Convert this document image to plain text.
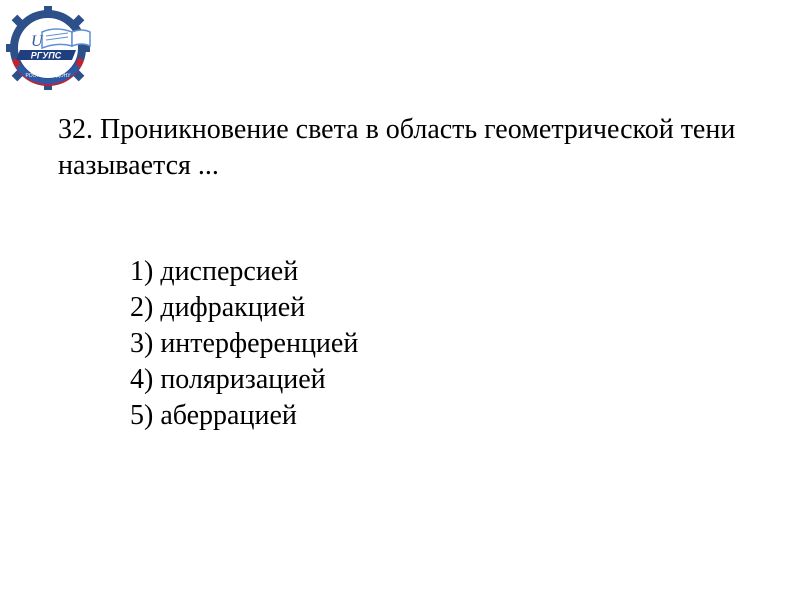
U
РГУПС
РОСТОВ-НА-ДОНУ
32. Проникновение света в область геометрической тени называется ...
1) дисперсией
2) дифракцией
3) интерференцией
4) поляризацией
5) аберрацией
